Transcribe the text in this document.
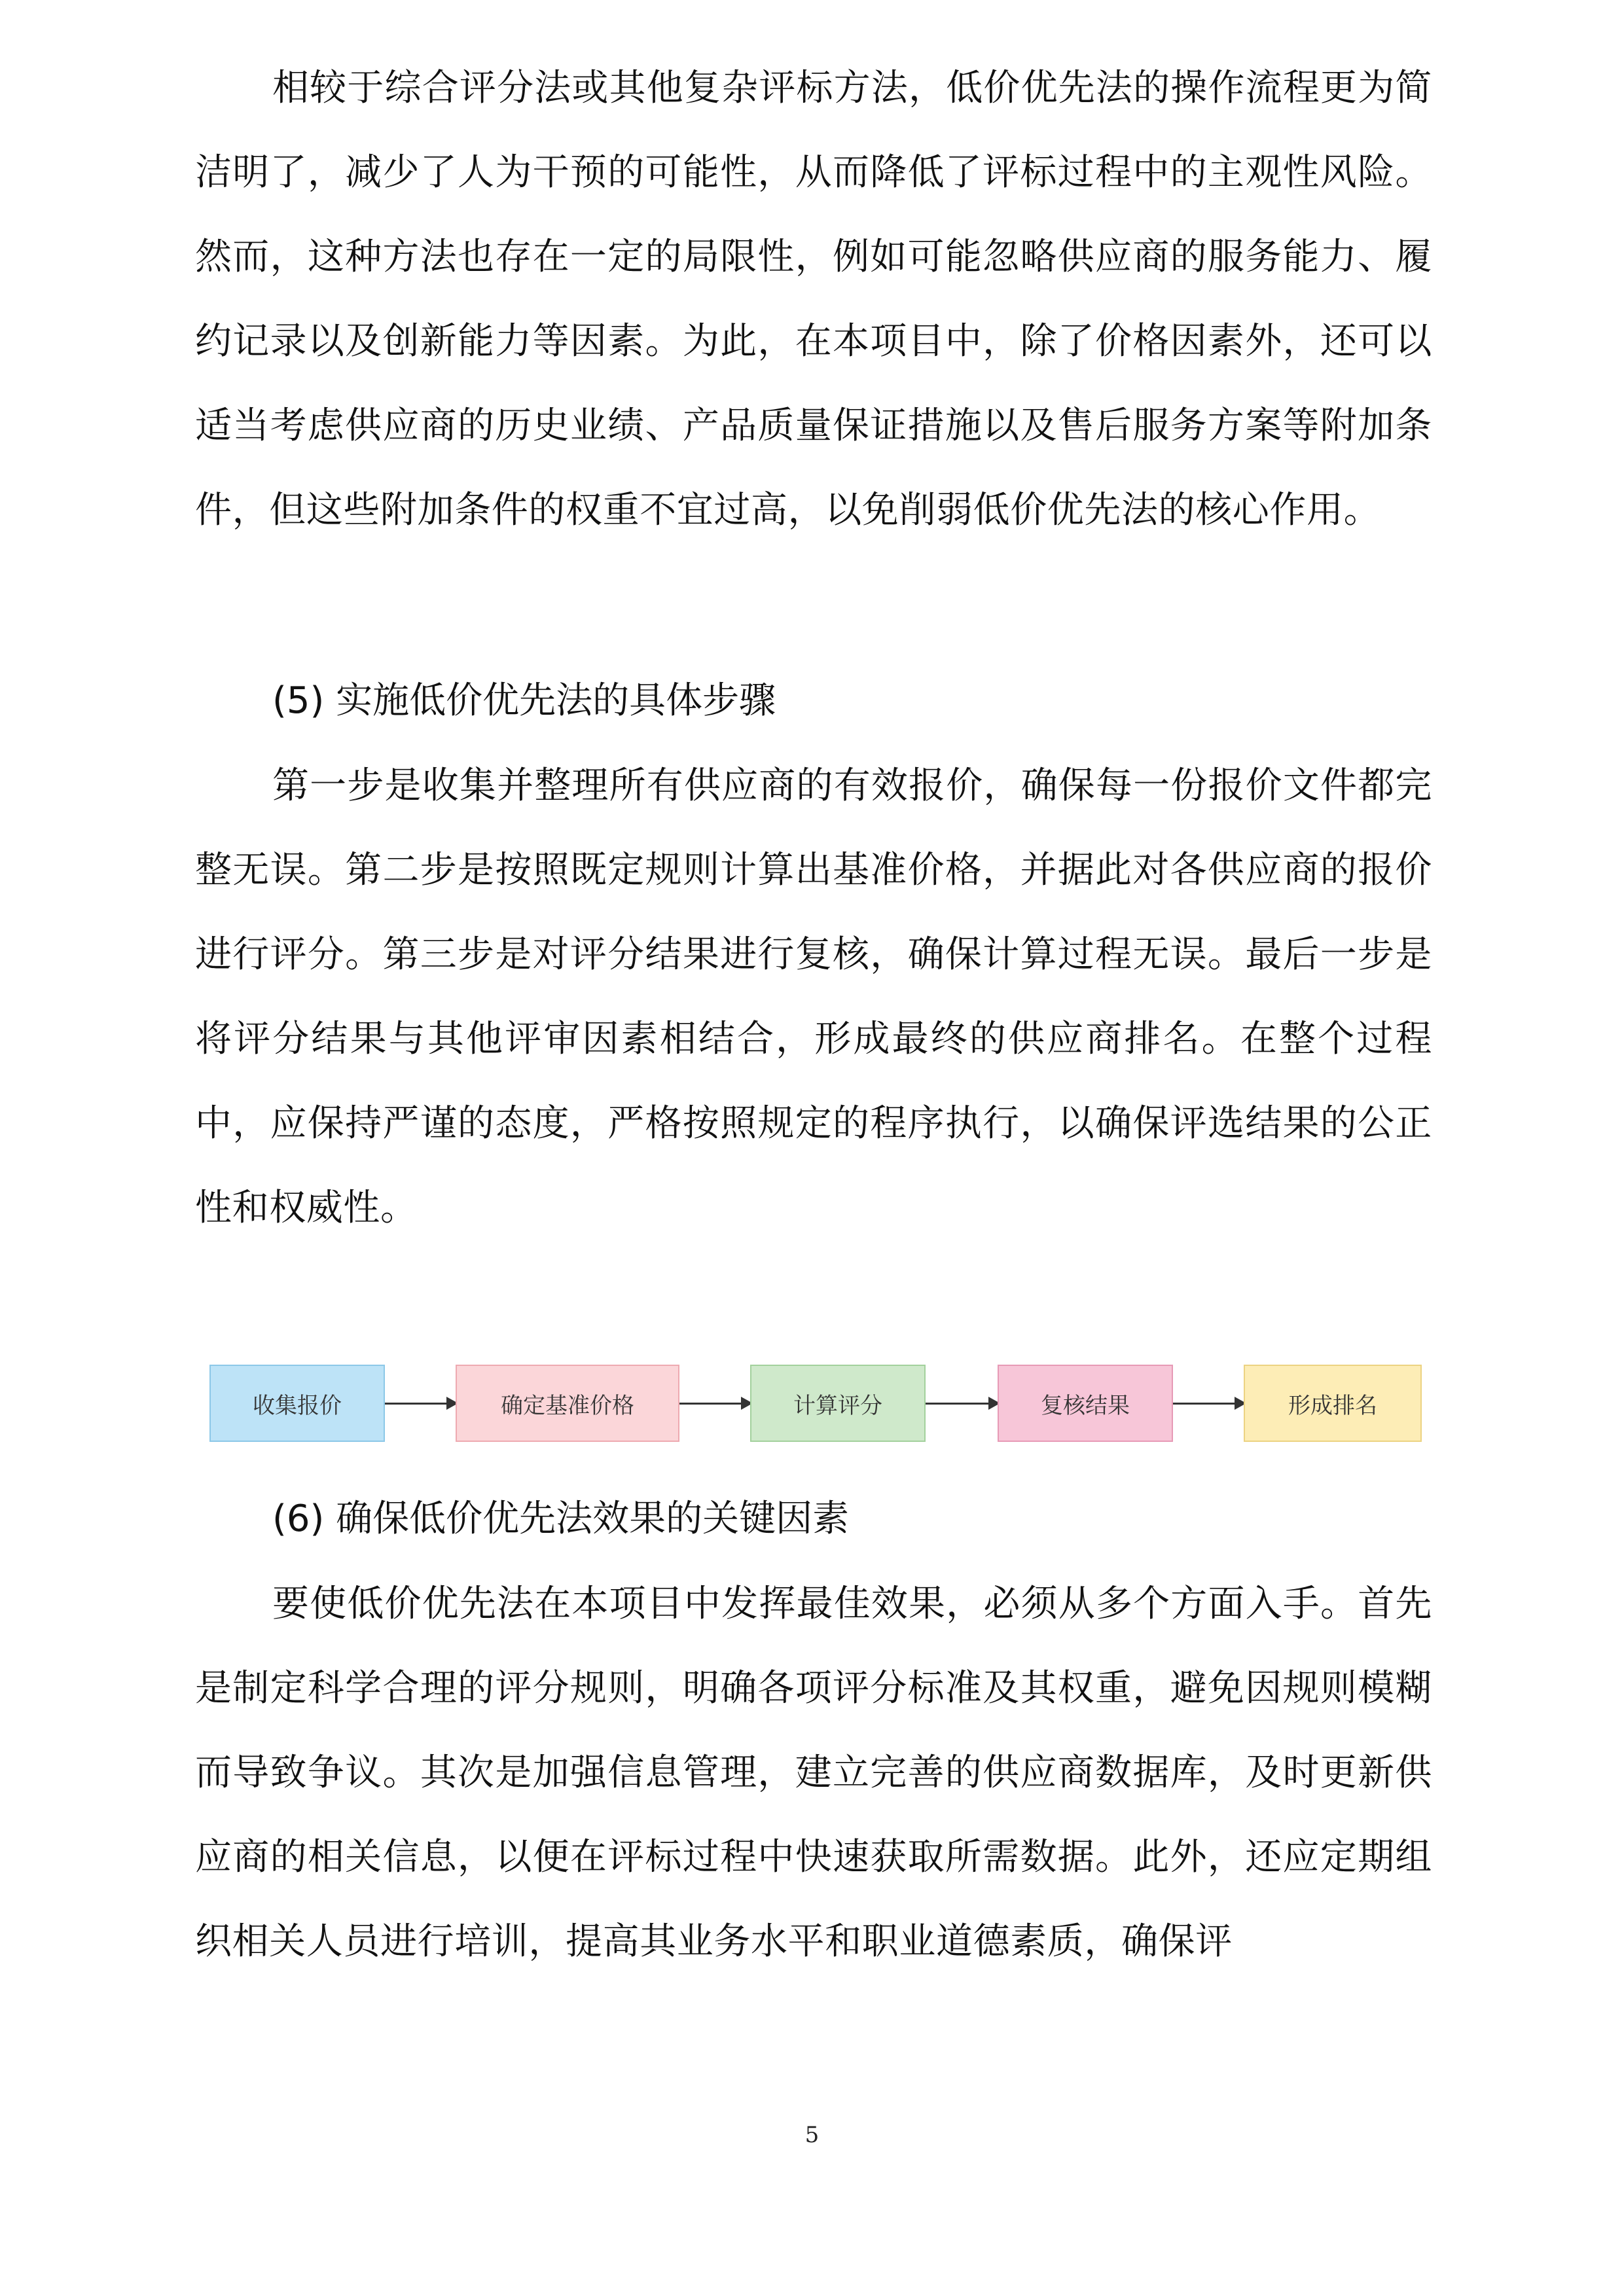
相较于综合评分法或其他复杂评标方法，低价优先法的操作流程更为简洁明了，减少了人为干预的可能性，从而降低了评标过程中的主观性风险。然而，这种方法也存在一定的局限性，例如可能忽略供应商的服务能力、履约记录以及创新能力等因素。为此，在本项目中，除了价格因素外，还可以适当考虑供应商的历史业绩、产品质量保证措施以及售后服务方案等附加条件，但这些附加条件的权重不宜过高，以免削弱低价优先法的核心作用。

(5) 实施低价优先法的具体步骤

第一步是收集并整理所有供应商的有效报价，确保每一份报价文件都完整无误。第二步是按照既定规则计算出基准价格，并据此对各供应商的报价进行评分。第三步是对评分结果进行复核，确保计算过程无误。最后一步是将评分结果与其他评审因素相结合，形成最终的供应商排名。在整个过程中，应保持严谨的态度，严格按照规定的程序执行，以确保评选结果的公正性和权威性。

收集报价	确定基准价格	计算评分	复核结果	形成排名

(6) 确保低价优先法效果的关键因素

要使低价优先法在本项目中发挥最佳效果，必须从多个方面入手。首先是制定科学合理的评分规则，明确各项评分标准及其权重，避免因规则模糊而导致争议。其次是加强信息管理，建立完善的供应商数据库，及时更新供应商的相关信息，以便在评标过程中快速获取所需数据。此外，还应定期组织相关人员进行培训，提高其业务水平和职业道德素质，确保评

5
